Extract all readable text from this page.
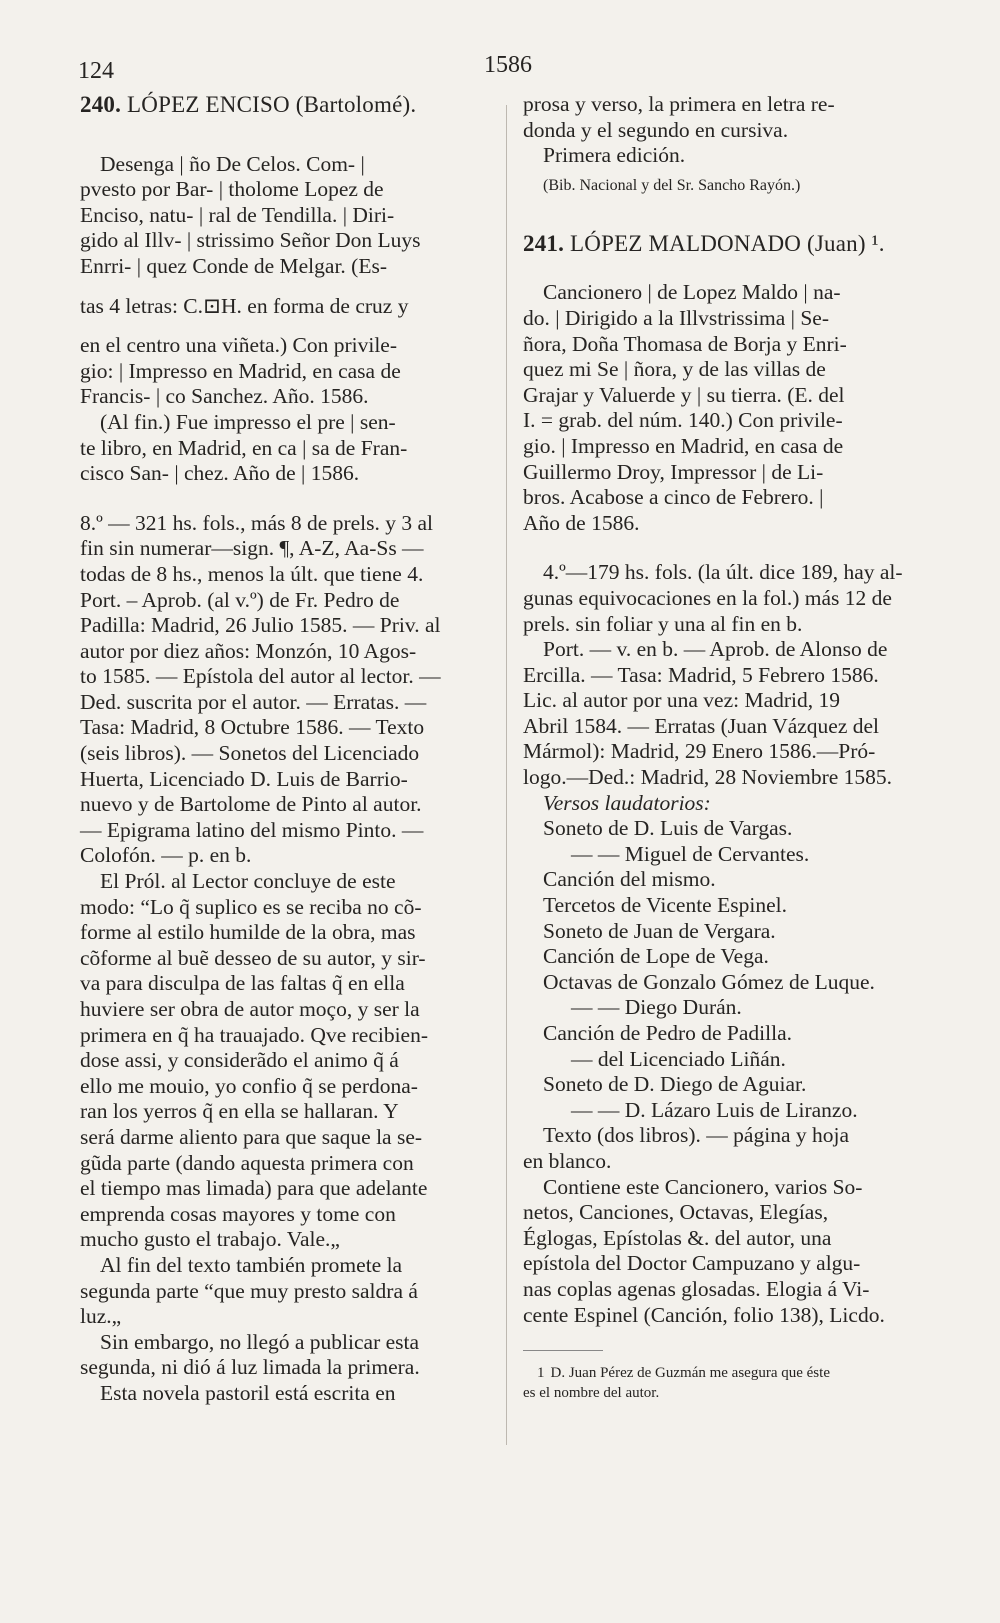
124	1586
240. LÓPEZ ENCISO (Bartolomé).
Desenga | ño De Celos. Com- |
pvesto por Bar- | tholome Lopez de
Enciso, natu- | ral de Tendilla. | Diri-
gido al Illv- | strissimo Señor Don Luys
Enrri- | quez Conde de Melgar. (Es-
tas 4 letras: C.⊡H. en forma de cruz y
en el centro una viñeta.) Con privile-
gio: | Impresso en Madrid, en casa de
Francis- | co Sanchez. Año. 1586.
(Al fin.) Fue impresso el pre | sen-
te libro, en Madrid, en ca | sa de Fran-
cisco San- | chez. Año de | 1586.
8.º — 321 hs. fols., más 8 de prels. y 3 al
fin sin numerar—sign. ¶, A-Z, Aa-Ss —
todas de 8 hs., menos la últ. que tiene 4.
Port. – Aprob. (al v.º) de Fr. Pedro de
Padilla: Madrid, 26 Julio 1585. — Priv. al
autor por diez años: Monzón, 10 Agos-
to 1585. — Epístola del autor al lector. —
Ded. suscrita por el autor. — Erratas. —
Tasa: Madrid, 8 Octubre 1586. — Texto
(seis libros). — Sonetos del Licenciado
Huerta, Licenciado D. Luis de Barrio-
nuevo y de Bartolome de Pinto al autor.
— Epigrama latino del mismo Pinto. —
Colofón. — p. en b.
El Pról. al Lector concluye de este
modo: “Lo q̃ suplico es se reciba no cõ-
forme al estilo humilde de la obra, mas
cõforme al buẽ desseo de su autor, y sir-
va para disculpa de las faltas q̃ en ella
huviere ser obra de autor moço, y ser la
primera en q̃ ha trauajado. Qve recibien-
dose assi, y considerãdo el animo q̃ á
ello me mouio, yo confio q̃ se perdona-
ran los yerros q̃ en ella se hallaran. Y
será darme aliento para que saque la se-
gũda parte (dando aquesta primera con
el tiempo mas limada) para que adelante
emprenda cosas mayores y tome con
mucho gusto el trabajo. Vale.„
Al fin del texto también promete la
segunda parte “que muy presto saldra á
luz.„
Sin embargo, no llegó a publicar esta
segunda, ni dió á luz limada la primera.
Esta novela pastoril está escrita en
prosa y verso, la primera en letra re-
donda y el segundo en cursiva.
Primera edición.
(Bib. Nacional y del Sr. Sancho Rayón.)
241. LÓPEZ MALDONADO (Juan) ¹.
Cancionero | de Lopez Maldo | na-
do. | Dirigido a la Illvstrissima | Se-
ñora, Doña Thomasa de Borja y Enri-
quez mi Se | ñora, y de las villas de
Grajar y Valuerde y | su tierra. (E. del
I. = grab. del núm. 140.) Con privile-
gio. | Impresso en Madrid, en casa de
Guillermo Droy, Impressor | de Li-
bros. Acabose a cinco de Febrero. |
Año de 1586.
4.º—179 hs. fols. (la últ. dice 189, hay al-
gunas equivocaciones en la fol.) más 12 de
prels. sin foliar y una al fin en b.
Port. — v. en b. — Aprob. de Alonso de
Ercilla. — Tasa: Madrid, 5 Febrero 1586.
Lic. al autor por una vez: Madrid, 19
Abril 1584. — Erratas (Juan Vázquez del
Mármol): Madrid, 29 Enero 1586.—Pró-
logo.—Ded.: Madrid, 28 Noviembre 1585.
Versos laudatorios:
Soneto de D. Luis de Vargas.
— — Miguel de Cervantes.
Canción del mismo.
Tercetos de Vicente Espinel.
Soneto de Juan de Vergara.
Canción de Lope de Vega.
Octavas de Gonzalo Gómez de Luque.
— — Diego Durán.
Canción de Pedro de Padilla.
— del Licenciado Liñán.
Soneto de D. Diego de Aguiar.
— — D. Lázaro Luis de Liranzo.
Texto (dos libros). — página y hoja
en blanco.
Contiene este Cancionero, varios So-
netos, Canciones, Octavas, Elegías,
Églogas, Epístolas &. del autor, una
epístola del Doctor Campuzano y algu-
nas coplas agenas glosadas. Elogia á Vi-
cente Espinel (Canción, folio 138), Licdo.
1 D. Juan Pérez de Guzmán me asegura que éste
es el nombre del autor.
